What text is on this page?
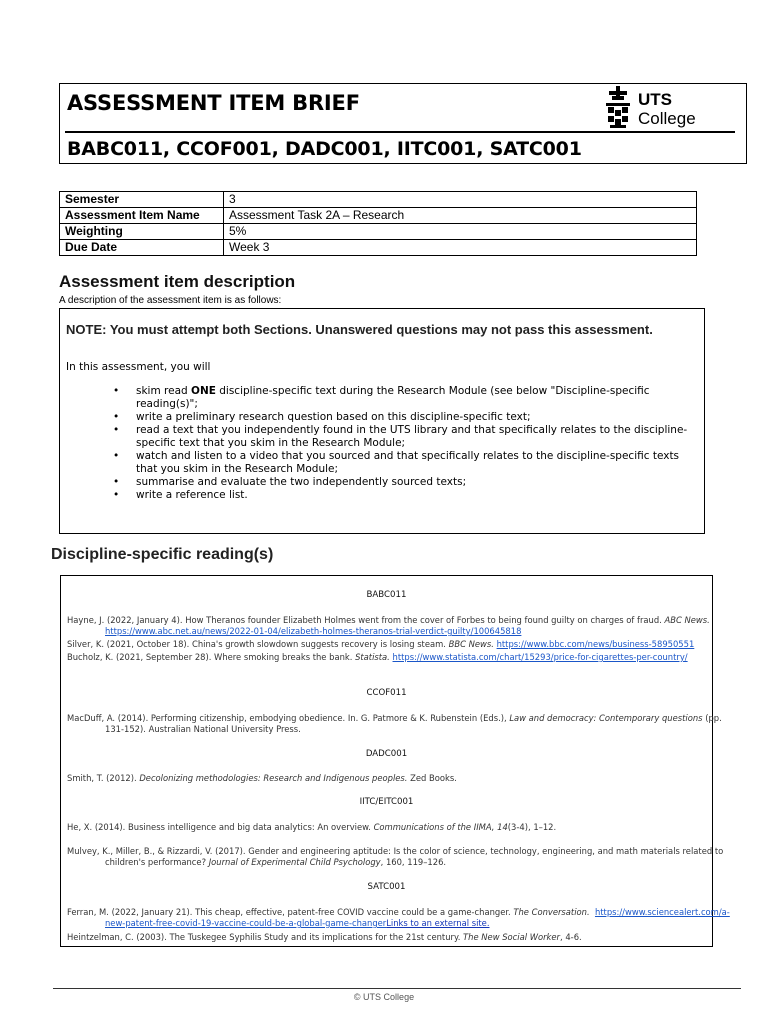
ASSESSMENT ITEM BRIEF	UTS
College
BABC011, CCOF001, DADC001, IITC001, SATC001
Semester	3
Assessment Item Name	Assessment Task 2A – Research
Weighting	5%
Due Date	Week 3
Assessment item description
A description of the assessment item is as follows:
NOTE: You must attempt both Sections. Unanswered questions may not pass this assessment.
In this assessment, you will
• skim read ONE discipline-specific text during the Research Module (see below "Discipline-specific reading(s)";
• write a preliminary research question based on this discipline-specific text;
• read a text that you independently found in the UTS library and that specifically relates to the discipline-specific text that you skim in the Research Module;
• watch and listen to a video that you sourced and that specifically relates to the discipline-specific texts that you skim in the Research Module;
• summarise and evaluate the two independently sourced texts;
• write a reference list.
Discipline-specific reading(s)
BABC011
Hayne, J. (2022, January 4). How Theranos founder Elizabeth Holmes went from the cover of Forbes to being found guilty on charges of fraud. ABC News.  https://www.abc.net.au/news/2022-01-04/elizabeth-holmes-theranos-trial-verdict-guilty/100645818
Silver, K. (2021, October 18). China's growth slowdown suggests recovery is losing steam. BBC News. https://www.bbc.com/news/business-58950551
Bucholz, K. (2021, September 28). Where smoking breaks the bank. Statista. https://www.statista.com/chart/15293/price-for-cigarettes-per-country/
CCOF011
MacDuff, A. (2014). Performing citizenship, embodying obedience. In. G. Patmore & K. Rubenstein (Eds.), Law and democracy: Contemporary questions (pp. 131-152). Australian National University Press.
DADC001
Smith, T. (2012). Decolonizing methodologies: Research and Indigenous peoples. Zed Books.
IITC/EITC001
He, X. (2014). Business intelligence and big data analytics: An overview. Communications of the IIMA, 14(3-4), 1–12.
Mulvey, K., Miller, B., & Rizzardi, V. (2017). Gender and engineering aptitude: Is the color of science, technology, engineering, and math materials related to children's performance? Journal of Experimental Child Psychology, 160, 119–126.
SATC001
Ferran, M. (2022, January 21). This cheap, effective, patent-free COVID vaccine could be a game-changer. The Conversation. https://www.sciencealert.com/a-new-patent-free-covid-19-vaccine-could-be-a-global-game-changerLinks to an external site.
Heintzelman, C. (2003). The Tuskegee Syphilis Study and its implications for the 21st century. The New Social Worker, 4-6.
© UTS College
